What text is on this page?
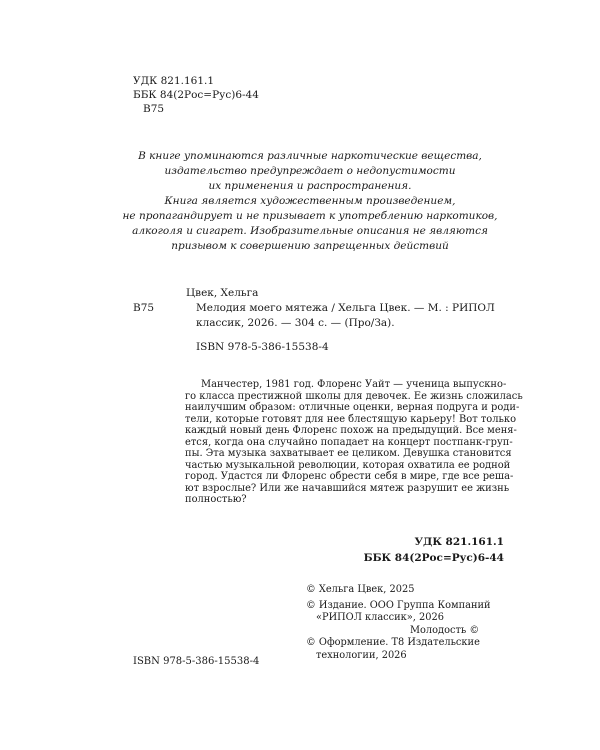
УДК 821.161.1
ББК 84(2Рос=Рус)6-44
В75

В книге упоминаются различные наркотические вещества,
издательство предупреждает о недопустимости
их применения и распространения.
Книга является художественным произведением,
не пропагандирует и не призывает к употреблению наркотиков,
алкоголя и сигарет. Изобразительные описания не являются
призывом к совершению запрещенных действий

В75
Цвек, Хельга
Мелодия моего мятежа / Хельга Цвек. — М. : РИПОЛ
классик, 2026. — 304 с. — (Про/За).
ISBN 978-5-386-15538-4

Манчестер, 1981 год. Флоренс Уайт — ученица выпускно-
го класса престижной школы для девочек. Ее жизнь сложилась
наилучшим образом: отличные оценки, верная подруга и роди-
тели, которые готовят для нее блестящую карьеру! Вот только
каждый новый день Флоренс похож на предыдущий. Все меня-
ется, когда она случайно попадает на концерт постпанк-груп-
пы. Эта музыка захватывает ее целиком. Девушка становится
частью музыкальной революции, которая охватила ее родной
город. Удастся ли Флоренс обрести себя в мире, где все реша-
ют взрослые? Или же начавшийся мятеж разрушит ее жизнь
полностью?

УДК 821.161.1
ББК 84(2Рос=Рус)6-44
ISBN 978-5-386-15538-4
© Хельга Цвек, 2025
© Издание. ООО Группа Компаний
«РИПОЛ классик», 2026
Молодость ©
© Оформление. Т8 Издательские
технологии, 2026
